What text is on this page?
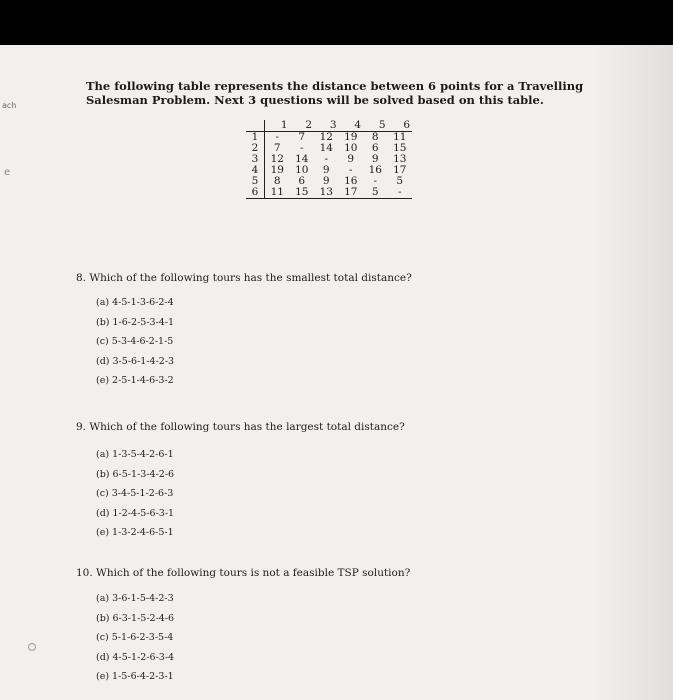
ach
e

The following table represents the distance between 6 points for a Travelling Salesman Problem. Next 3 questions will be solved based on this table.

	1	2	3	4	5	6
1	-	7	12	19	8	11
2	7	-	14	10	6	15
3	12	14	-	9	9	13
4	19	10	9	-	16	17
5	8	6	9	16	-	5
6	11	15	13	17	5	-

8. Which of the following tours has the smallest total distance?

(a) 4-5-1-3-6-2-4
(b) 1-6-2-5-3-4-1
(c) 5-3-4-6-2-1-5
(d) 3-5-6-1-4-2-3
(e) 2-5-1-4-6-3-2

9. Which of the following tours has the largest total distance?

(a) 1-3-5-4-2-6-1
(b) 6-5-1-3-4-2-6
(c) 3-4-5-1-2-6-3
(d) 1-2-4-5-6-3-1
(e) 1-3-2-4-6-5-1

10. Which of the following tours is not a feasible TSP solution?

(a) 3-6-1-5-4-2-3
(b) 6-3-1-5-2-4-6
(c) 5-1-6-2-3-5-4
(d) 4-5-1-2-6-3-4
(e) 1-5-6-4-2-3-1
